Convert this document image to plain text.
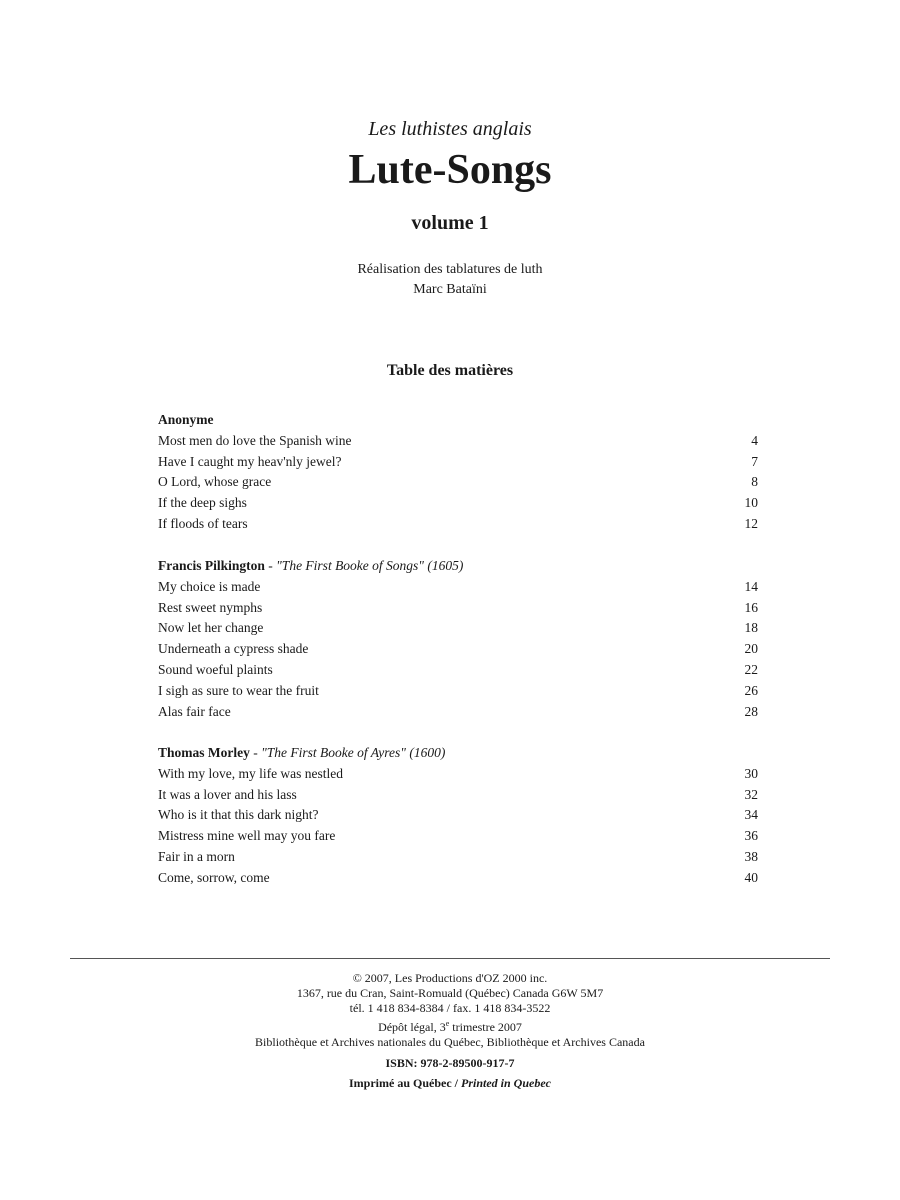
Les luthistes anglais
Lute-Songs
volume 1
Réalisation des tablatures de luth
Marc Bataïni
Table des matières
Anonyme
Most men do love the Spanish wine	4
Have I caught my heav'nly jewel?	7
O Lord, whose grace	8
If the deep sighs	10
If floods of tears	12
Francis Pilkington - "The First Booke of Songs" (1605)
My choice is made	14
Rest sweet nymphs	16
Now let her change	18
Underneath a cypress shade	20
Sound woeful plaints	22
I sigh as sure to wear the fruit	26
Alas fair face	28
Thomas Morley - "The First Booke of Ayres" (1600)
With my love, my life was nestled	30
It was a lover and his lass	32
Who is it that this dark night?	34
Mistress mine well may you fare	36
Fair in a morn	38
Come, sorrow, come	40
© 2007, Les Productions d'OZ 2000 inc.
1367, rue du Cran, Saint-Romuald (Québec) Canada G6W 5M7
tél. 1 418 834-8384 / fax. 1 418 834-3522
Dépôt légal, 3e trimestre 2007
Bibliothèque et Archives nationales du Québec, Bibliothèque et Archives Canada
ISBN: 978-2-89500-917-7
Imprimé au Québec / Printed in Quebec
